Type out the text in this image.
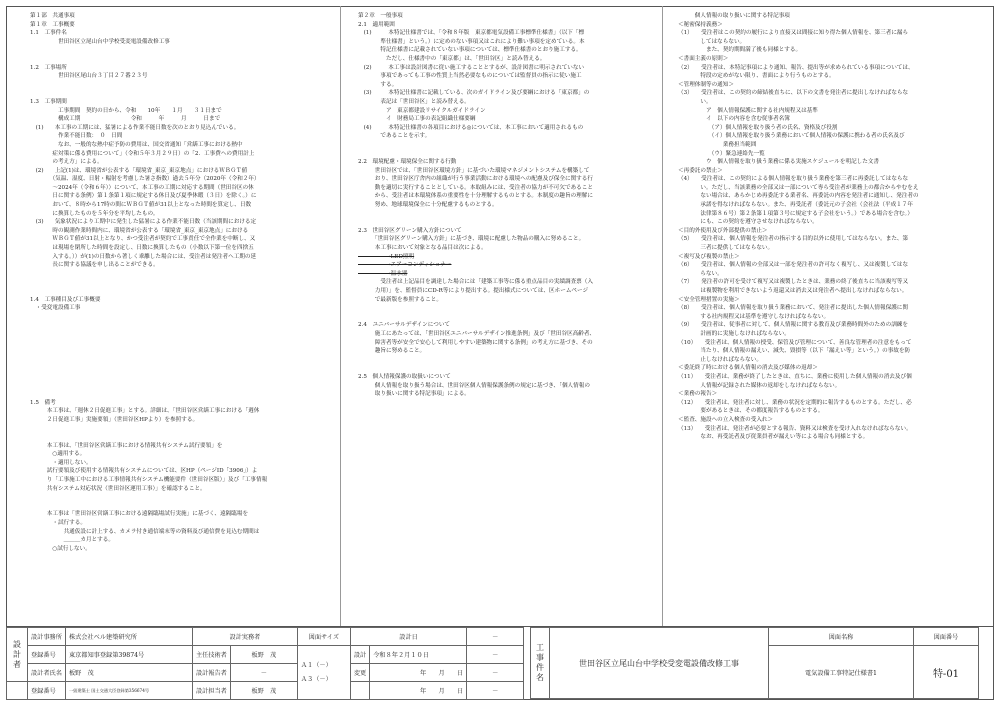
第１部　共通事項
第１章　工事概要
1.1　工事件名
　　　　　世田谷区立尾山台中学校受変電設備改修工事

1.2　工事場所
　　　　　世田谷区尾山台３丁目２７番２３号

1.3　工事期間
　　　　　工事期間　契約の日から、令和　　10年　　１月　　３１日まで
　　　　　構成工期　　　　　　　　　令和　　　年　　　月　　　日まで
　(1)　　本工事の工期には、猛暑による作業不能日数を次のとおり見込んでいる。
　　　　　作業不能日数：　０　日間
　　　　　なお、一般的な熱中症予防の費用は、国交省通知「営繕工事における熱中
　　　　症対策に係る費用について」（令和５年３月２９日）の「2．工事費への費用計上
　　　　の考え方」による。
　(2)　　上記(1)は、環境省が公表する「環境省_東京_東京地点」におけるＷＢＧＴ値
　　　　（気温、湿度、日射・輻射を考慮した暑さ指数）過去５年分（2020年（令和２年）
　　　　～2024年（令和６年））について、本工事の工期に対応する期間（世田谷区の休
　　　　日に関する条例）第１条第１項に規定する休日及び夏季休暇（３日）を除く。）に
　　　　おいて、８時から17時の間にＷＢＧＴ値が31以上となった時間を算定し、日数
　　　　に換算したものを５年分を平均したもの。
　(3)　　気象状況により工期中に発生した猛暑による作業不能日数（当該期間における定
　　　　時の観測作業時間内に、環境省が公表する「環境省_東京_東京地点」における
　　　　ＷＢＧＴ値が31以上となり、かつ受注者が契約で工事責任で全作業を中断し、又
　　　　は現場を閉所した時間を設定し、日数に換算したもの（小数以下第一位を四捨五
　　　　入する。））が(1)の日数から著しく乖離した場合には、受注者は発注者へ工期の延
　　　　長に関する協議を申し出ることができる。

1.4　工事種目及び工事概要
　・受変電設備工事

1.5　備考
　　　本工事は、「週休２日促進工事」とする。詳細は、「世田谷区営繕工事における「週休
　　　２日促進工事」実施要領」（世田谷区HPより）を参照する。

　　　本工事は、「世田谷区営繕工事における情報共有システム試行要領」を
　　　　○適用する。
　　　　・適用しない。
　　　試行要領及び使用する情報共有システムについては、区HP（ページID「3906」）よ
　　　り「工事施工中における工事情報共有システム機能要件（世田谷区版）」及び「工事情報
　　　共有システム対応状況（世田谷区運用工事）」を確認すること。

　　　本工事は「世田谷区営繕工事における遠隔臨場試行実施」に基づく、遠隔臨場を
　　　　・試行する。
　　　　　　共通仮設に計上する、カメラ付き通信端末等の資料及び通信費を見込む期間は
　　　　　　＿＿＿カ月とする。
　　　　○試行しない。
第２章　一般事項
2.1　適用範囲
　(1)　　　本特記仕様書では、「令和８年版　東京都電気設備工事標準仕様書」（以下「標
　　　　準仕様書」という。）に定めのない事項又はこれにより難い事項を定めている。本
　　　　特記仕様書に記載されていない事項については、標準仕様書のとおり施工する。
　　　　　ただし、仕様書中の「東京都」は、「世田谷区」と読み替える。
　(2)　　　本工事は設計図書に従い施工することとするが、設計図書に明示されていない
　　　　事項であっても工事の性質上当然必要なものについては監督員の指示に従い施工
　　　　する。
　(3)　　　本特記仕様書に記載している、次のガイドライン及び要綱における「東京都」の
　　　　表記は「世田谷区」と読み替える。
　　　　　ア　東京都建設リサイクルガイドライン
　　　　　イ　財務局工事の表記組織仕様要綱
　(4)　　　本特記仕様書の各項目における◎については、本工事において適用されるもの
　　　　であることを示す。

2.2　環境配慮・環境保全に関する行動
　　　世田谷区では、「世田谷区環境方針」に基づいた環境マネジメントシステムを構築して
　　　おり、世田谷区庁舎内の組織が行う事業活動における環境への配慮及び保全に関する行
　　　動を適切に実行することとしている。本取組みには、受注者の協力が不可欠であること
　　　から、受注者は本環境体系の重要性を十分理解するものとする。本制度の趣旨の理解に
　　　努め、地球環境保全に十分配慮するものとする。

2.3　世田谷区グリーン購入方針について
　　　「世田谷区グリーン購入方針」に基づき、環境に配慮した物品の購入に努めること。
　　　本工事において対象となる品目は次による。
　　　　　→LED照明
　　　　　→エアーコンディショナー
　　　　　→温水器
　　　　受注者は上記品目を調達した場合には「建築工事等に係る重点品目の実績調査票（入
　　　力用）」を、監督員にCD-R等により提出する。提出様式については、区ホームページ
　　　で最新版を参照すること。

2.4　ユニバーサルデザインについて
　　　施工にあたっては、「世田谷区ユニバーサルデザイン推進条例」及び「世田谷区高齢者、
　　　障害者等が安全で安心して利用しやすい建築物に関する条例」の考え方に基づき、その
　　　趣旨に努めること。

2.5　個人情報保護の取扱いについて
　　　個人情報を取り扱う場合は、世田谷区個人情報保護条例の規定に基づき、「個人情報の
　　　取り扱いに関する特記事項」による。
　　　個人情報の取り扱いに関する特記事項
＜秘密保持義務＞
（1）　　受注者はこの契約の履行により直接又は間接に知り得た個人情報を、第三者に漏ら
　　　　してはならない。
　　　　　また、契約期間満了後も同様とする。
＜書面主義の原則＞
（2）　　受注者は、本特記事項により通知、報告、提出等が求められている事項については、
　　　　特段の定めがない限り、書面により行うものとする。
＜管理体制等の通知＞
（3）　　受注者は、この契約の締結後直ちに、以下の文書を発注者に提出しなければならな
　　　　い。
　　　　　ア　個人情報保護に関する社内規程又は基準
　　　　　イ　以下の内容を含む従事者名簿
　　　　　　（ア）個人情報を取り扱う者の氏名、資格及び役割
　　　　　　（イ）個人情報を取り扱う業務において個人情報の保護に携わる者の氏名及び
　　　　　　　　業務担当範囲
　　　　　　（ウ）緊急連絡先一覧
　　　　　ウ　個人情報を取り扱う業務に係る実施スケジュールを明記した文書
＜再委託の禁止＞
（4）　　受注者は、この契約による個人情報を取り扱う業務を第三者に再委託してはならな
　　　　い。ただし、当該業務の全部又は一部について専ら受注者が業務上の都合からやむをえ
　　　　ない場合は、あらかじめ再委託する業者名、再委託の内容を発注者に通知し、発注者の
　　　　承諾を得なければならない。また、再受託者（委託元の子会社（会社法（平成１７年
　　　　法律第８６号）第２条第１項第３号に規定する子会社をいう。）である場合を含む。）
　　　　にも、この契約を遵守させなければならない。
＜目的外使用及び外部提供の禁止＞
（5）　　受注者は、個人情報を発注者の指示する目的以外に使用してはならない。また、第
　　　　三者に提供してはならない。
＜複写及び複製の禁止＞
（6）　　受注者は、個人情報の全部又は一部を発注者の許可なく複写し、又は複製してはな
　　　　らない。
（7）　　発注者の許可を受けて複写又は複製したときは、業務の終了後直ちに当該複写等又
　　　　は複製物を利用できないよう返還又は消去又は発注者へ提出しなければならない。
＜安全管理措置の実施＞
（8）　　受注者は、個人情報を取り扱う業務において、発注者に提出した個人情報保護に関
　　　　する社内規程又は基準を遵守しなければならない。
（9）　　受注者は、従事者に対して、個人情報に関する教育及び業務時間外のための訓練を
　　　　計画的に実施しなければならない。
（10）　　受注者は、個人情報の授受、保管及び管理について、善良な管理者の注意をもって
　　　　当たり、個人情報の漏えい、減失、毀損等（以下「漏えい等」という。）の事故を防
　　　　止しなければならない。
＜委託終了時における個人情報の消去及び媒体の返却＞
（11）　　受注者は、業務が終了したときは、直ちに、業務に使用した個人情報の消去及び個
　　　　人情報が記録された媒体の返却をしなければならない。
＜業務の報告＞
（12）　　受注者は、発注者に対し、業務の状況を定期的に報告するものとする。ただし、必
　　　　要があるときは、その都度報告するものとする。
＜監査、施設への立入検査の受入れ＞
（13）　　受注者は、発注者が必要とする報告、資料又は検査を受け入れなければならない。
　　　　なお、再受託者及び従業員者が漏えい等による場合も同様とする。
設計者	設計事務所	株式会社ベル建築研究所	設計実務者		図面サイズ	設計日		－
	登録番号	東京都知事登録第39874号	主任技術者	板野　茂	Ａ１（－）
Ａ３（－）	設計	令和８年２月１０日	－
	設計者氏名	板野　茂	設計報告者	－		変更	年　　月　　日	－
	登録番号	一級建築士 国土交通大臣登録第356674号	設計担当者	板野　茂			年　　月　　日	－
工事件名	世田谷区立尾山台中学校受変電設備改修工事	図面名称	図面番号
		電気設備工事特記仕様書1	特-01
